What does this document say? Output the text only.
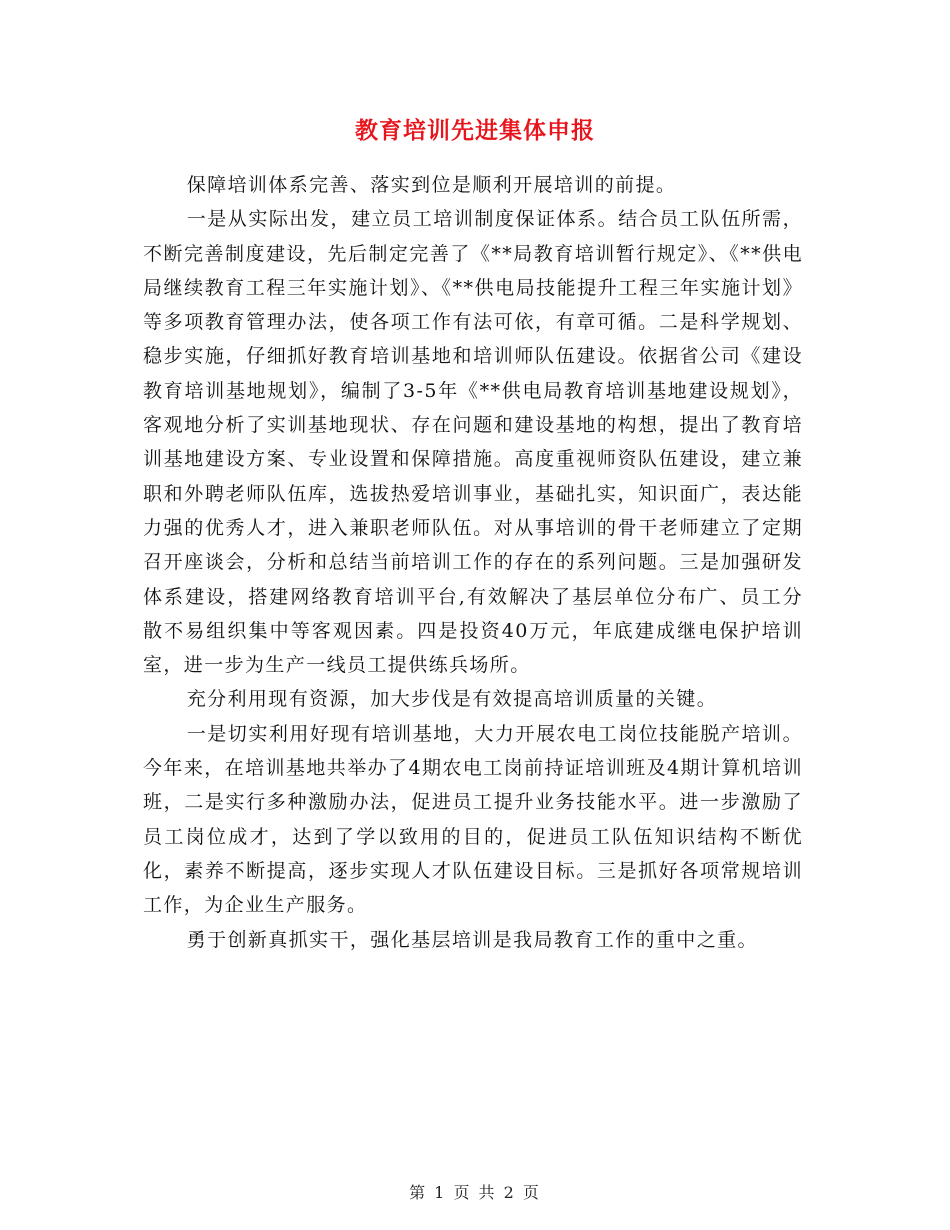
教育培训先进集体申报

保障培训体系完善、落实到位是顺利开展培训的前提。

一是从实际出发，建立员工培训制度保证体系。结合员工队伍所需，不断完善制度建设，先后制定完善了《**局教育培训暂行规定》、《**供电局继续教育工程三年实施计划》、《**供电局技能提升工程三年实施计划》等多项教育管理办法，使各项工作有法可依，有章可循。二是科学规划、稳步实施，仔细抓好教育培训基地和培训师队伍建设。依据省公司《建设教育培训基地规划》，编制了3-5年《**供电局教育培训基地建设规划》，客观地分析了实训基地现状、存在问题和建设基地的构想，提出了教育培训基地建设方案、专业设置和保障措施。高度重视师资队伍建设，建立兼职和外聘老师队伍库，选拔热爱培训事业，基础扎实，知识面广，表达能力强的优秀人才，进入兼职老师队伍。对从事培训的骨干老师建立了定期召开座谈会，分析和总结当前培训工作的存在的系列问题。三是加强研发体系建设，搭建网络教育培训平台,有效解决了基层单位分布广、员工分散不易组织集中等客观因素。四是投资40万元，年底建成继电保护培训室，进一步为生产一线员工提供练兵场所。

充分利用现有资源，加大步伐是有效提高培训质量的关键。

一是切实利用好现有培训基地，大力开展农电工岗位技能脱产培训。今年来，在培训基地共举办了4期农电工岗前持证培训班及4期计算机培训班，二是实行多种激励办法，促进员工提升业务技能水平。进一步激励了员工岗位成才，达到了学以致用的目的，促进员工队伍知识结构不断优化，素养不断提高，逐步实现人才队伍建设目标。三是抓好各项常规培训工作，为企业生产服务。

勇于创新真抓实干，强化基层培训是我局教育工作的重中之重。

第 1 页 共 2 页
